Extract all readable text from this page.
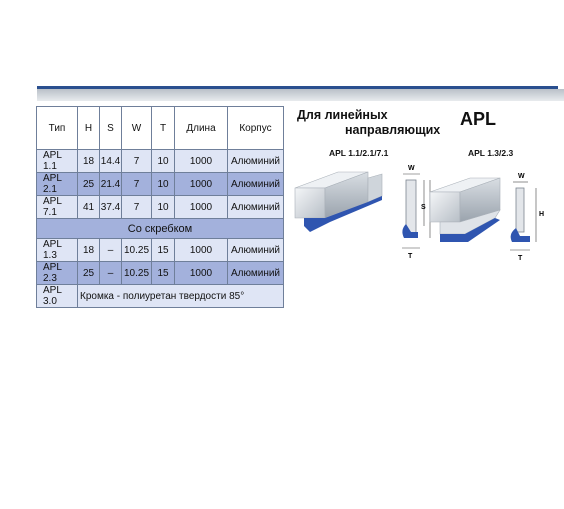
Тип	H	S	W	T	Длина	Корпус
APL 1.1	18	14.4	7	10	1000	Алюминий
APL 2.1	25	21.4	7	10	1000	Алюминий
APL 7.1	41	37.4	7	10	1000	Алюминий
Со скребком						
APL 1.3	18	–	10.25	15	1000	Алюминий
APL 2.3	25	–	10.25	15	1000	Алюминий
APL 3.0	Кромка - полиуретан твердости 85°					
Для линейных
направляющих
APL
APL 1.1/2.1/7.1	APL 1.3/2.3
W
S
T
W
H
T
